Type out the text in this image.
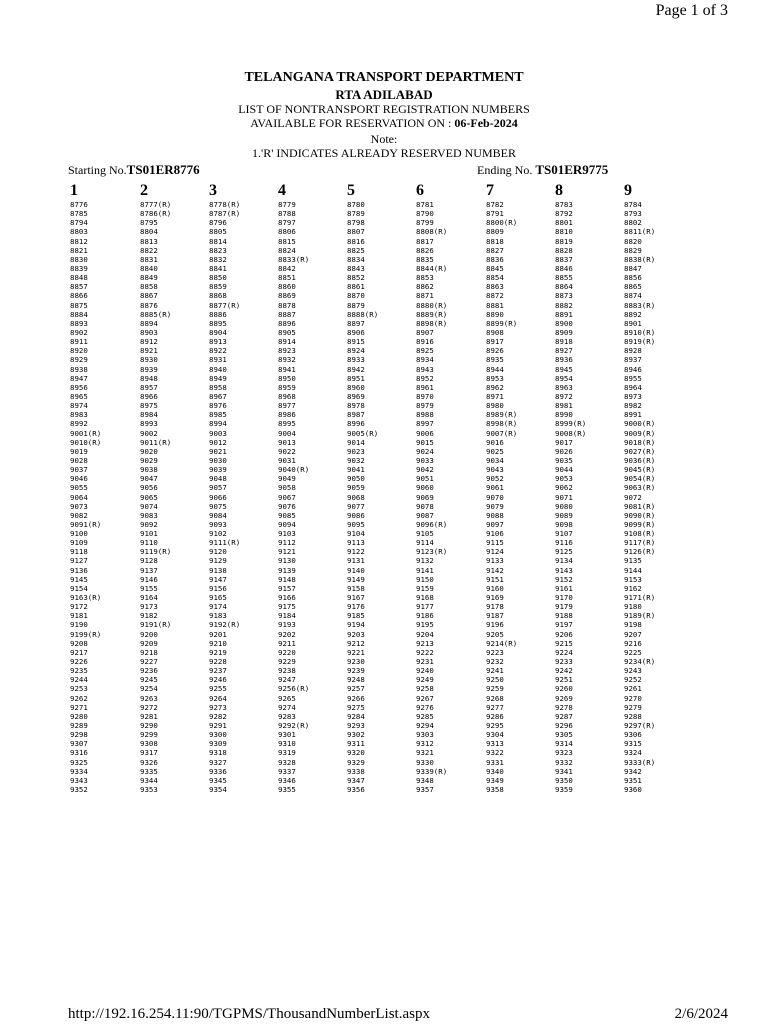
Page 1 of 3
TELANGANA TRANSPORT DEPARTMENT
RTA ADILABAD
LIST OF NONTRANSPORT REGISTRATION NUMBERS
AVAILABLE FOR RESERVATION ON : 06-Feb-2024
Note:
1.'R' INDICATES ALREADY RESERVED NUMBER
Starting No.TS01ER8776	Ending No. TS01ER9775
1
8776
8785
8794
8803
8812
8821
8830
8839
8848
8857
8866
8875
8884
8893
8902
8911
8920
8929
8938
8947
8956
8965
8974
8983
8992
9001(R)
9010(R)
9019
9028
9037
9046
9055
9064
9073
9082
9091(R)
9100
9109
9118
9127
9136
9145
9154
9163(R)
9172
9181
9190
9199(R)
9208
9217
9226
9235
9244
9253
9262
9271
9280
9289
9298
9307
9316
9325
9334
9343
9352
2
8777(R)
8786(R)
8795
8804
8813
8822
8831
8840
8849
8858
8867
8876
8885(R)
8894
8903
8912
8921
8930
8939
8948
8957
8966
8975
8984
8993
9002
9011(R)
9020
9029
9038
9047
9056
9065
9074
9083
9092
9101
9110
9119(R)
9128
9137
9146
9155
9164
9173
9182
9191(R)
9200
9209
9218
9227
9236
9245
9254
9263
9272
9281
9290
9299
9308
9317
9326
9335
9344
9353
3
8778(R)
8787(R)
8796
8805
8814
8823
8832
8841
8850
8859
8868
8877(R)
8886
8895
8904
8913
8922
8931
8940
8949
8958
8967
8976
8985
8994
9003
9012
9021
9030
9039
9048
9057
9066
9075
9084
9093
9102
9111(R)
9120
9129
9138
9147
9156
9165
9174
9183
9192(R)
9201
9210
9219
9228
9237
9246
9255
9264
9273
9282
9291
9300
9309
9318
9327
9336
9345
9354
4
8779
8788
8797
8806
8815
8824
8833(R)
8842
8851
8860
8869
8878
8887
8896
8905
8914
8923
8932
8941
8950
8959
8968
8977
8986
8995
9004
9013
9022
9031
9040(R)
9049
9058
9067
9076
9085
9094
9103
9112
9121
9130
9139
9148
9157
9166
9175
9184
9193
9202
9211
9220
9229
9238
9247
9256(R)
9265
9274
9283
9292(R)
9301
9310
9319
9328
9337
9346
9355
5
8780
8789
8798
8807
8816
8825
8834
8843
8852
8861
8870
8879
8888(R)
8897
8906
8915
8924
8933
8942
8951
8960
8969
8978
8987
8996
9005(R)
9014
9023
9032
9041
9050
9059
9068
9077
9086
9095
9104
9113
9122
9131
9140
9149
9158
9167
9176
9185
9194
9203
9212
9221
9230
9239
9248
9257
9266
9275
9284
9293
9302
9311
9320
9329
9338
9347
9356
6
8781
8790
8799
8808(R)
8817
8826
8835
8844(R)
8853
8862
8871
8880(R)
8889(R)
8898(R)
8907
8916
8925
8934
8943
8952
8961
8970
8979
8988
8997
9006
9015
9024
9033
9042
9051
9060
9069
9078
9087
9096(R)
9105
9114
9123(R)
9132
9141
9150
9159
9168
9177
9186
9195
9204
9213
9222
9231
9240
9249
9258
9267
9276
9285
9294
9303
9312
9321
9330
9339(R)
9348
9357
7
8782
8791
8800(R)
8809
8818
8827
8836
8845
8854
8863
8872
8881
8890
8899(R)
8908
8917
8926
8935
8944
8953
8962
8971
8980
8989(R)
8998(R)
9007(R)
9016
9025
9034
9043
9052
9061
9070
9079
9088
9097
9106
9115
9124
9133
9142
9151
9160
9169
9178
9187
9196
9205
9214(R)
9223
9232
9241
9250
9259
9268
9277
9286
9295
9304
9313
9322
9331
9340
9349
9358
8
8783
8792
8801
8810
8819
8828
8837
8846
8855
8864
8873
8882
8891
8900
8909
8918
8927
8936
8945
8954
8963
8972
8981
8990
8999(R)
9008(R)
9017
9026
9035
9044
9053
9062
9071
9080
9089
9098
9107
9116
9125
9134
9143
9152
9161
9170
9179
9188
9197
9206
9215
9224
9233
9242
9251
9260
9269
9278
9287
9296
9305
9314
9323
9332
9341
9350
9359
9
8784
8793
8802
8811(R)
8820
8829
8838(R)
8847
8856
8865
8874
8883(R)
8892
8901
8910(R)
8919(R)
8928
8937
8946
8955
8964
8973
8982
8991
9000(R)
9009(R)
9018(R)
9027(R)
9036(R)
9045(R)
9054(R)
9063(R)
9072
9081(R)
9090(R)
9099(R)
9108(R)
9117(R)
9126(R)
9135
9144
9153
9162
9171(R)
9180
9189(R)
9198
9207
9216
9225
9234(R)
9243
9252
9261
9270
9279
9288
9297(R)
9306
9315
9324
9333(R)
9342
9351
9360
http://192.16.254.11:90/TGPMS/ThousandNumberList.aspx	2/6/2024
